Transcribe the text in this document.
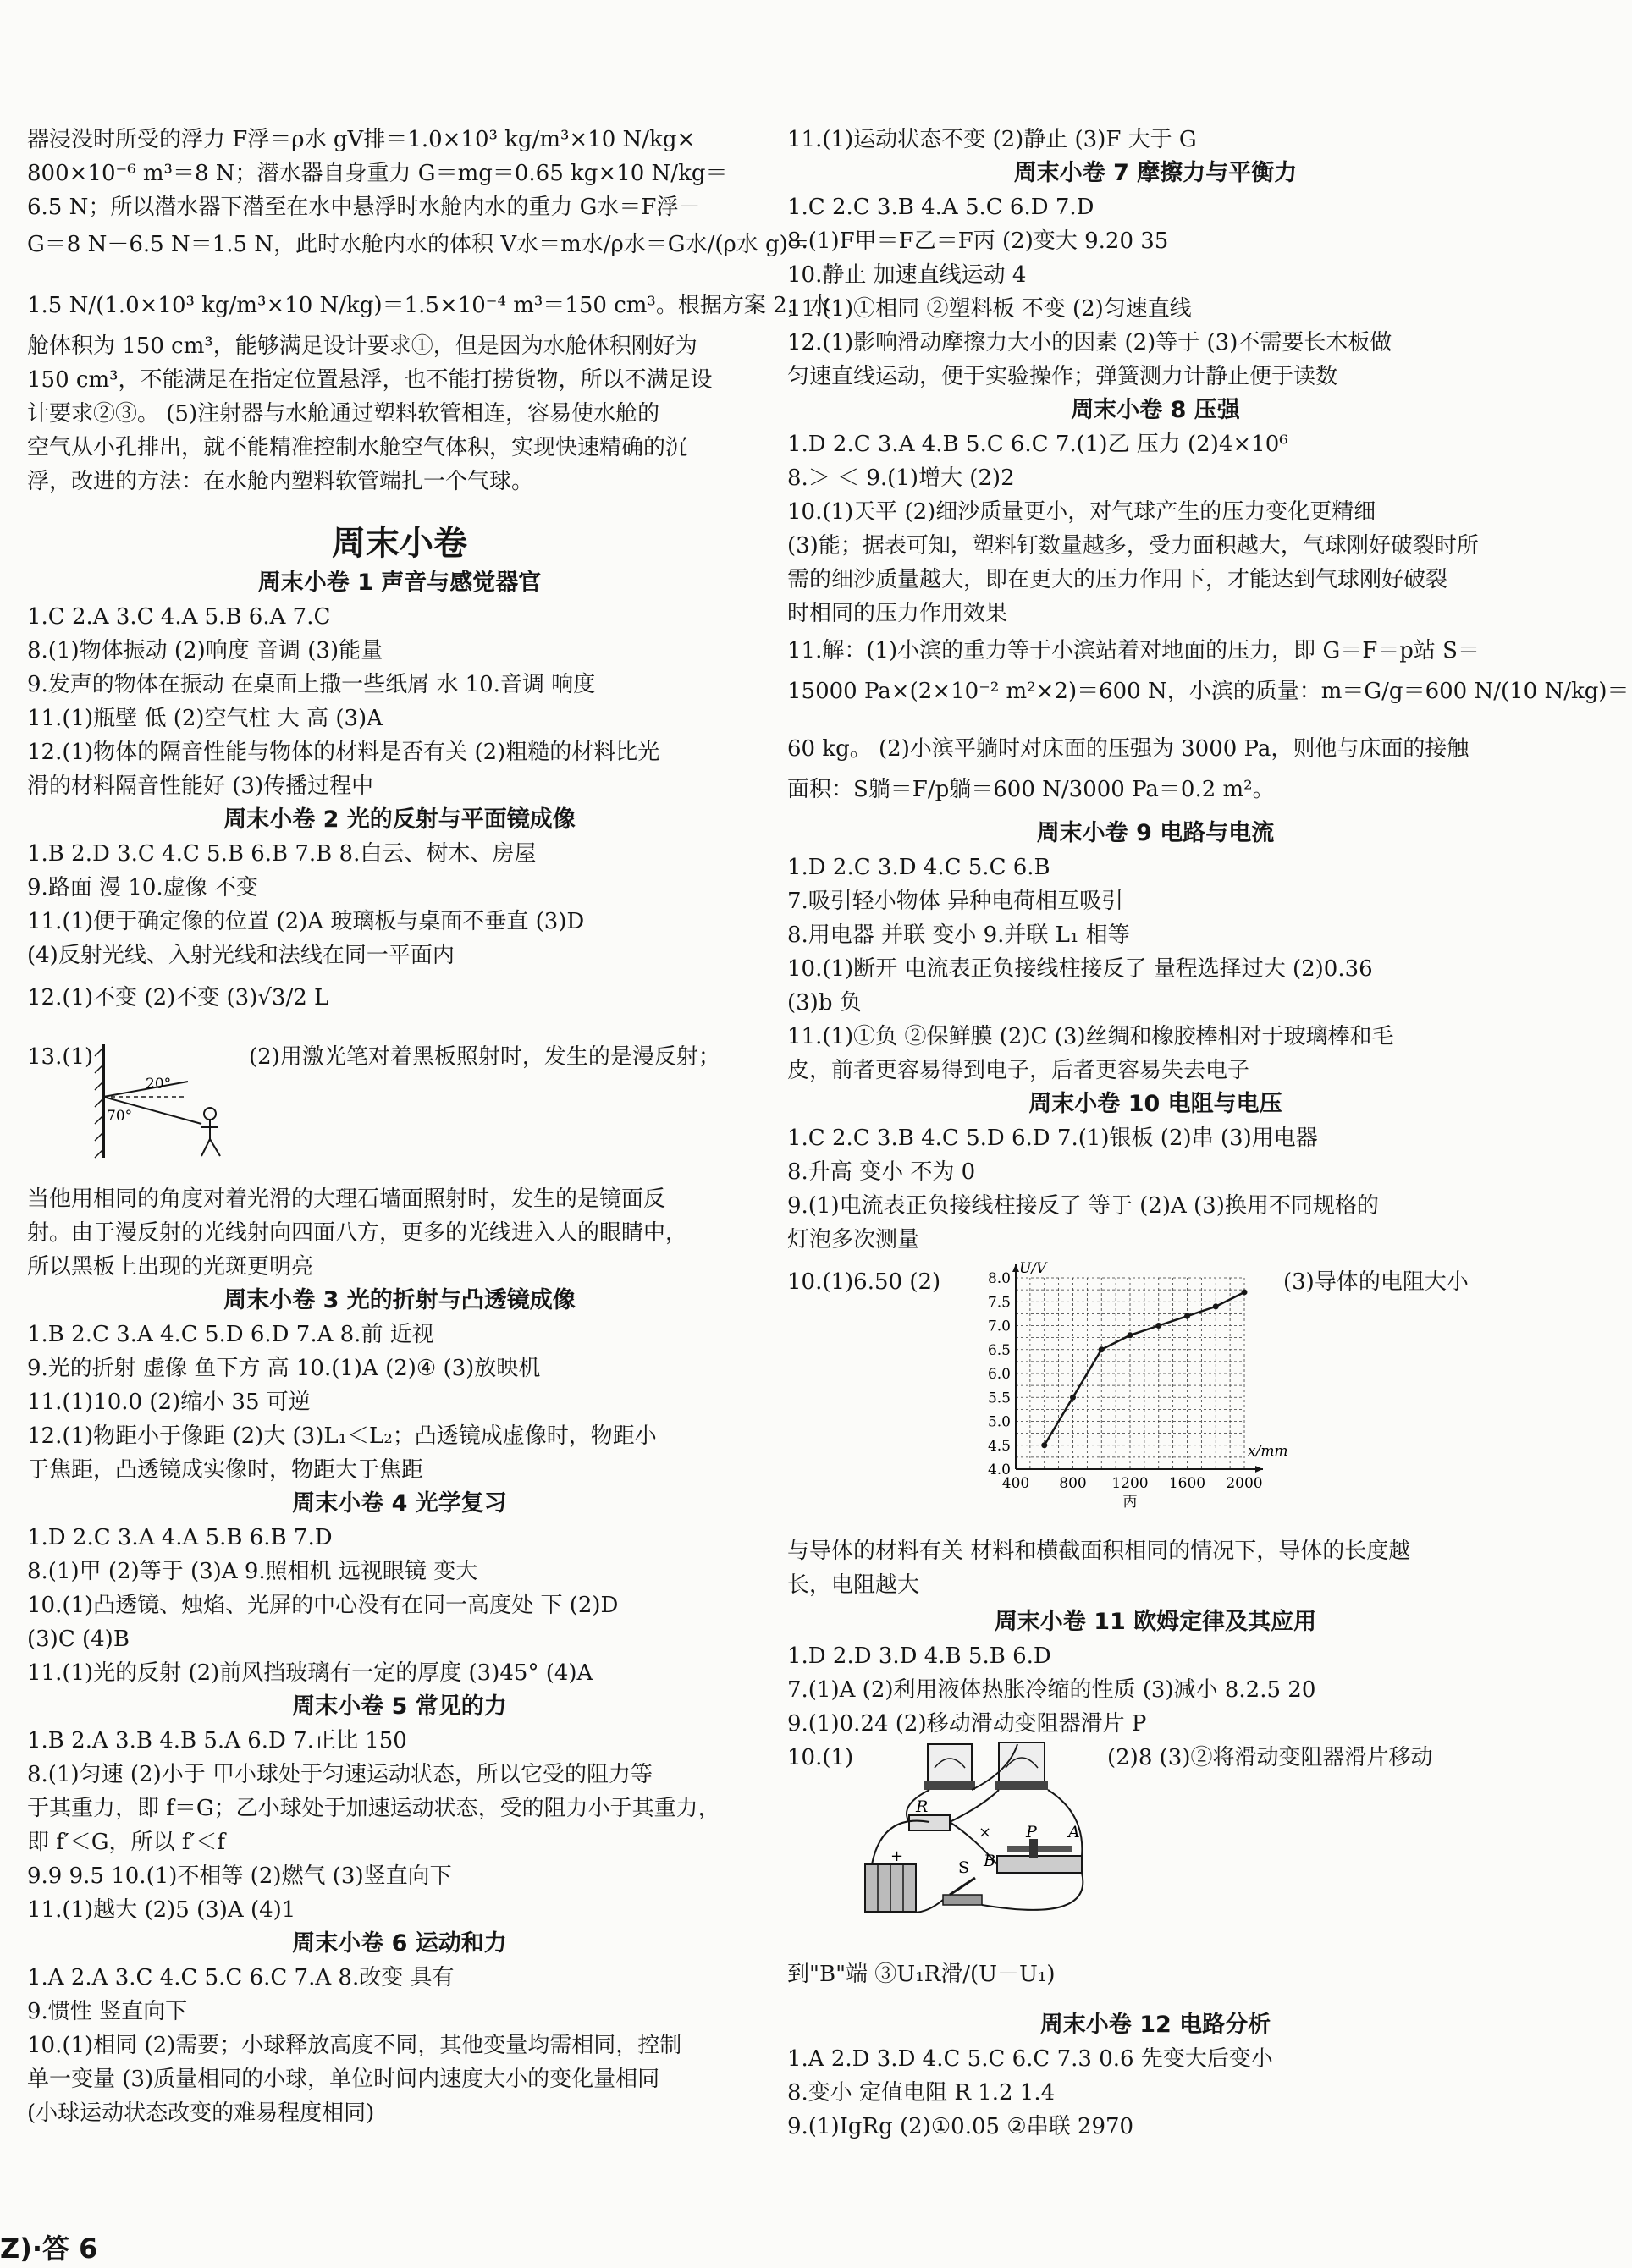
器浸没时所受的浮力 F浮＝ρ水 gV排＝1.0×10³ kg/m³×10 N/kg×
800×10⁻⁶ m³＝8 N；潜水器自身重力 G＝mg＝0.65 kg×10 N/kg＝
6.5 N；所以潜水器下潜至在水中悬浮时水舱内水的重力 G水＝F浮－
G＝8 N－6.5 N＝1.5 N，此时水舱内水的体积 V水＝m水/ρ水＝G水/(ρ水 g)＝
1.5 N/(1.0×10³ kg/m³×10 N/kg)＝1.5×10⁻⁴ m³＝150 cm³。根据方案 2，水
舱体积为 150 cm³，能够满足设计要求①，但是因为水舱体积刚好为
150 cm³，不能满足在指定位置悬浮，也不能打捞货物，所以不满足设
计要求②③。 (5)注射器与水舱通过塑料软管相连，容易使水舱的
空气从小孔排出，就不能精准控制水舱空气体积，实现快速精确的沉
浮，改进的方法：在水舱内塑料软管端扎一个气球。
周末小卷
周末小卷 1 声音与感觉器官
1.C 2.A 3.C 4.A 5.B 6.A 7.C
8.(1)物体振动 (2)响度 音调 (3)能量
9.发声的物体在振动 在桌面上撒一些纸屑 水 10.音调 响度
11.(1)瓶壁 低 (2)空气柱 大 高 (3)A
12.(1)物体的隔音性能与物体的材料是否有关 (2)粗糙的材料比光
滑的材料隔音性能好 (3)传播过程中
周末小卷 2 光的反射与平面镜成像
1.B 2.D 3.C 4.C 5.B 6.B 7.B 8.白云、树木、房屋
9.路面 漫 10.虚像 不变
11.(1)便于确定像的位置 (2)A 玻璃板与桌面不垂直 (3)D
(4)反射光线、入射光线和法线在同一平面内
12.(1)不变 (2)不变 (3)√3/2 L
13.(1)	(2)用激光笔对着黑板照射时，发生的是漫反射；
20°
70°
当他用相同的角度对着光滑的大理石墙面照射时，发生的是镜面反
射。由于漫反射的光线射向四面八方，更多的光线进入人的眼睛中，
所以黑板上出现的光斑更明亮
周末小卷 3 光的折射与凸透镜成像
1.B 2.C 3.A 4.C 5.D 6.D 7.A 8.前 近视
9.光的折射 虚像 鱼下方 高 10.(1)A (2)④ (3)放映机
11.(1)10.0 (2)缩小 35 可逆
12.(1)物距小于像距 (2)大 (3)L₁＜L₂；凸透镜成虚像时，物距小
于焦距，凸透镜成实像时，物距大于焦距
周末小卷 4 光学复习
1.D 2.C 3.A 4.A 5.B 6.B 7.D
8.(1)甲 (2)等于 (3)A 9.照相机 远视眼镜 变大
10.(1)凸透镜、烛焰、光屏的中心没有在同一高度处 下 (2)D
(3)C (4)B
11.(1)光的反射 (2)前风挡玻璃有一定的厚度 (3)45° (4)A
周末小卷 5 常见的力
1.B 2.A 3.B 4.B 5.A 6.D 7.正比 150
8.(1)匀速 (2)小于 甲小球处于匀速运动状态，所以它受的阻力等
于其重力，即 f＝G；乙小球处于加速运动状态，受的阻力小于其重力，
即 f′＜G，所以 f′＜f
9.9 9.5 10.(1)不相等 (2)燃气 (3)竖直向下
11.(1)越大 (2)5 (3)A (4)1
周末小卷 6 运动和力
1.A 2.A 3.C 4.C 5.C 6.C 7.A 8.改变 具有
9.惯性 竖直向下
10.(1)相同 (2)需要；小球释放高度不同，其他变量均需相同，控制
单一变量 (3)质量相同的小球，单位时间内速度大小的变化量相同
(小球运动状态改变的难易程度相同)
11.(1)运动状态不变 (2)静止 (3)F 大于 G
周末小卷 7 摩擦力与平衡力
1.C 2.C 3.B 4.A 5.C 6.D 7.D
8.(1)F甲＝F乙＝F丙 (2)变大 9.20 35
10.静止 加速直线运动 4
11.(1)①相同 ②塑料板 不变 (2)匀速直线
12.(1)影响滑动摩擦力大小的因素 (2)等于 (3)不需要长木板做
匀速直线运动，便于实验操作；弹簧测力计静止便于读数
周末小卷 8 压强
1.D 2.C 3.A 4.B 5.C 6.C 7.(1)乙 压力 (2)4×10⁶
8.＞ ＜ 9.(1)增大 (2)2
10.(1)天平 (2)细沙质量更小，对气球产生的压力变化更精细
(3)能；据表可知，塑料钉数量越多，受力面积越大，气球刚好破裂时所
需的细沙质量越大，即在更大的压力作用下，才能达到气球刚好破裂
时相同的压力作用效果
11.解：(1)小滨的重力等于小滨站着对地面的压力，即 G＝F＝p站 S＝
15000 Pa×(2×10⁻² m²×2)＝600 N，小滨的质量：m＝G/g＝600 N/(10 N/kg)＝
60 kg。 (2)小滨平躺时对床面的压强为 3000 Pa，则他与床面的接触
面积：S躺＝F/p躺＝600 N/3000 Pa＝0.2 m²。
周末小卷 9 电路与电流
1.D 2.C 3.D 4.C 5.C 6.B
7.吸引轻小物体 异种电荷相互吸引
8.用电器 并联 变小 9.并联 L₁ 相等
10.(1)断开 电流表正负接线柱接反了 量程选择过大 (2)0.36
(3)b 负
11.(1)①负 ②保鲜膜 (2)C (3)丝绸和橡胶棒相对于玻璃棒和毛
皮，前者更容易得到电子，后者更容易失去电子
周末小卷 10 电阻与电压
1.C 2.C 3.B 4.C 5.D 6.D 7.(1)银板 (2)串 (3)用电器
8.升高 变小 不为 0
9.(1)电流表正负接线柱接反了 等于 (2)A (3)换用不同规格的
灯泡多次测量
10.(1)6.50 (2)	(3)导体的电阻大小
400 800 1200 1600 2000
4.0
4.5
5.0
5.5
6.0
6.5
7.0
7.5
8.0
U/V
x/mm
丙
与导体的材料有关 材料和横截面积相同的情况下，导体的长度越
长，电阻越大
周末小卷 11 欧姆定律及其应用
1.D 2.D 3.D 4.B 5.B 6.D
7.(1)A (2)利用液体热胀冷缩的性质 (3)减小 8.2.5 20
9.(1)0.24 (2)移动滑动变阻器滑片 P
10.(1)	(2)8 (3)②将滑动变阻器滑片移动
R
P A
B
S
+
×
到"B"端 ③U₁R滑/(U－U₁)
周末小卷 12 电路分析
1.A 2.D 3.D 4.C 5.C 6.C 7.3 0.6 先变大后变小
8.变小 定值电阻 R 1.2 1.4
9.(1)IgRg (2)①0.05 ②串联 2970
Z)·答 6
